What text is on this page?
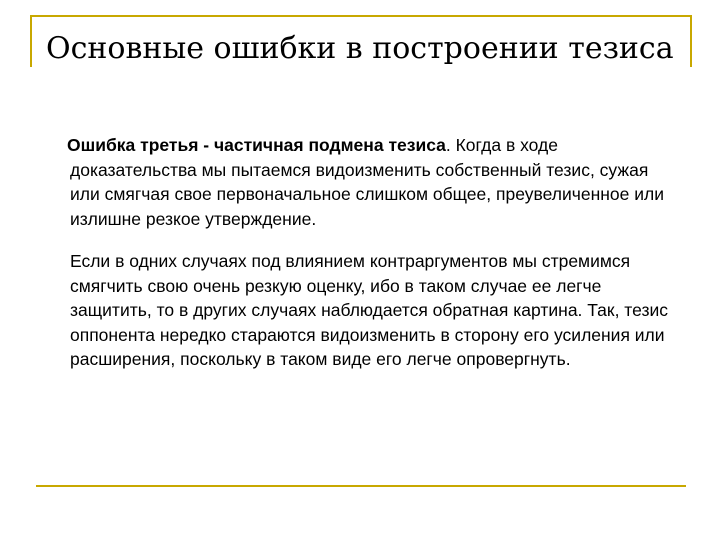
Основные ошибки в построении тезиса

Ошибка третья - частичная подмена тезиса. Когда в ходе доказательства мы пытаемся видоизменить собственный тезис, сужая или смягчая свое первоначальное слишком общее, преувеличенное или излишне резкое утверждение.

Если в одних случаях под влиянием контраргументов мы стремимся смягчить свою очень резкую оценку, ибо в таком случае ее легче защитить, то в других случаях наблюдается обратная картина. Так, тезис оппонента нередко стараются видоизменить в сторону его усиления или расширения, поскольку в таком виде его легче опровергнуть.
